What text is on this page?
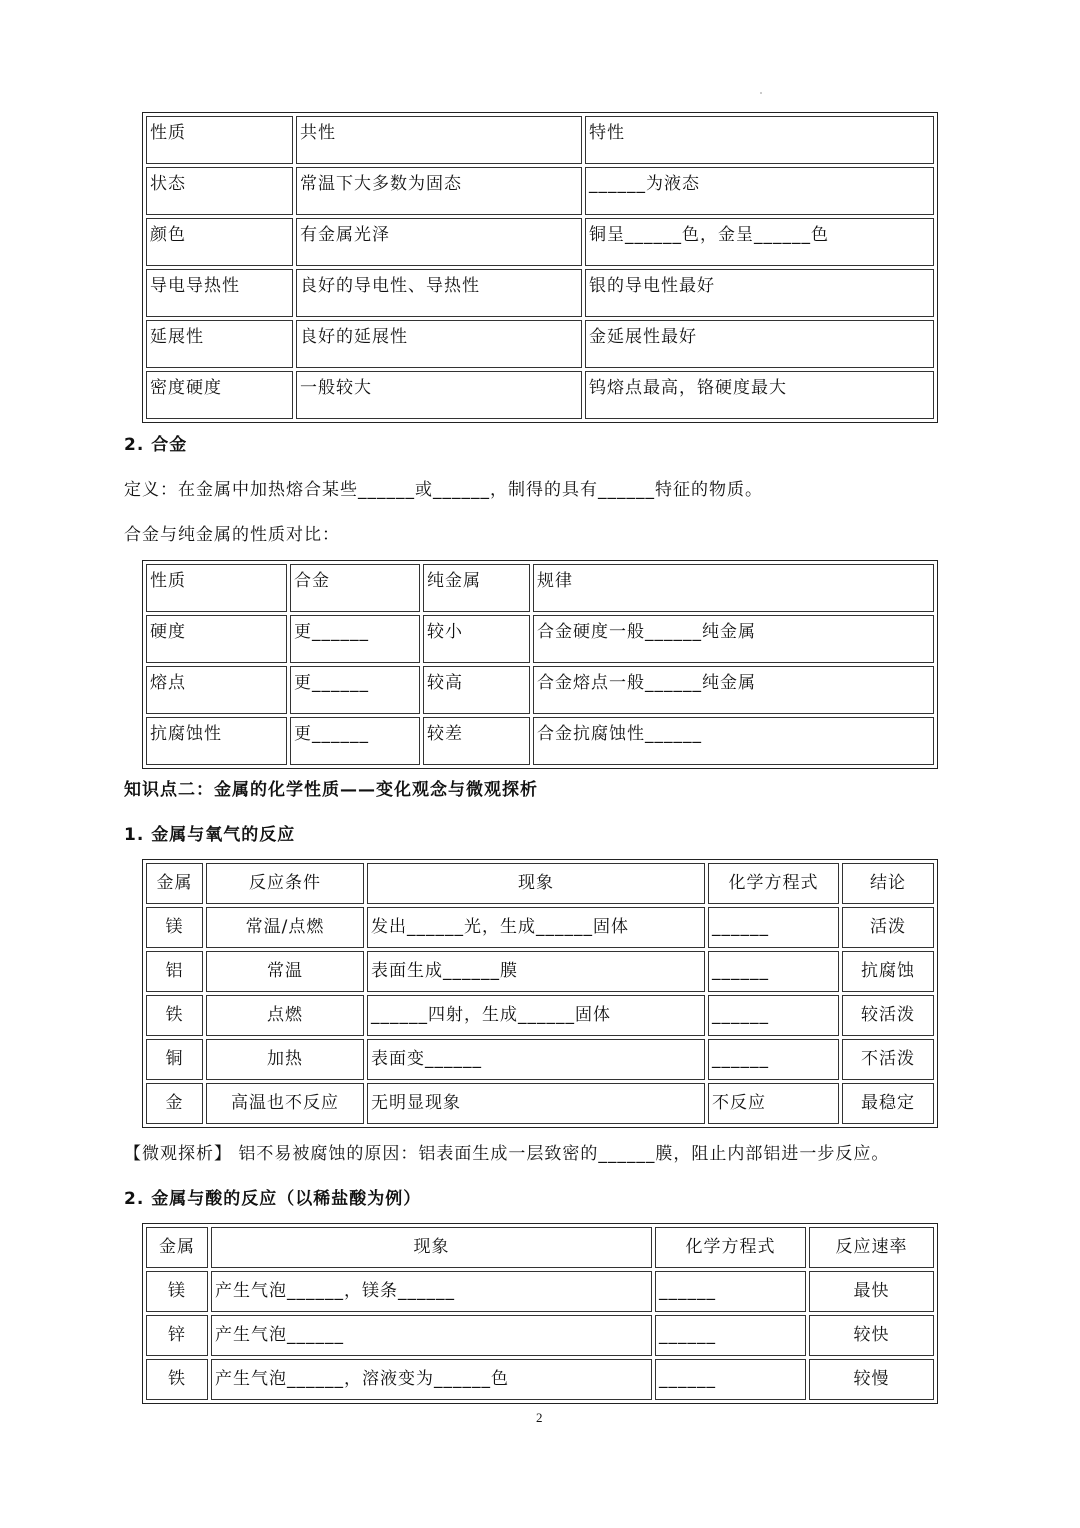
性质	共性	特性

状态	常温下大多数为固态	______为液态

颜色	有金属光泽	铜呈______色，金呈______色

导电导热性	良好的导电性、导热性	银的导电性最好

延展性	良好的延展性	金延展性最好

密度硬度	一般较大	钨熔点最高，铬硬度最大
2. 合金
定义：在金属中加热熔合某些______或______，制得的具有______特征的物质。
合金与纯金属的性质对比：
性质	合金	纯金属	规律

硬度	更______	较小	合金硬度一般______纯金属

熔点	更______	较高	合金熔点一般______纯金属

抗腐蚀性	更______	较差	合金抗腐蚀性______
知识点二：金属的化学性质——变化观念与微观探析
1. 金属与氧气的反应
金属	反应条件	现象	化学方程式	结论

镁	常温/点燃	发出______光，生成______固体	______	活泼

铝	常温	表面生成______膜	______	抗腐蚀

铁	点燃	______四射，生成______固体	______	较活泼

铜	加热	表面变______	______	不活泼

金	高温也不反应	无明显现象	不反应	最稳定
【微观探析】 铝不易被腐蚀的原因：铝表面生成一层致密的______膜，阻止内部铝进一步反应。
2. 金属与酸的反应（以稀盐酸为例）
金属	现象	化学方程式	反应速率

镁	产生气泡______，镁条______	______	最快

锌	产生气泡______	______	较快

铁	产生气泡______，溶液变为______色	______	较慢
2
